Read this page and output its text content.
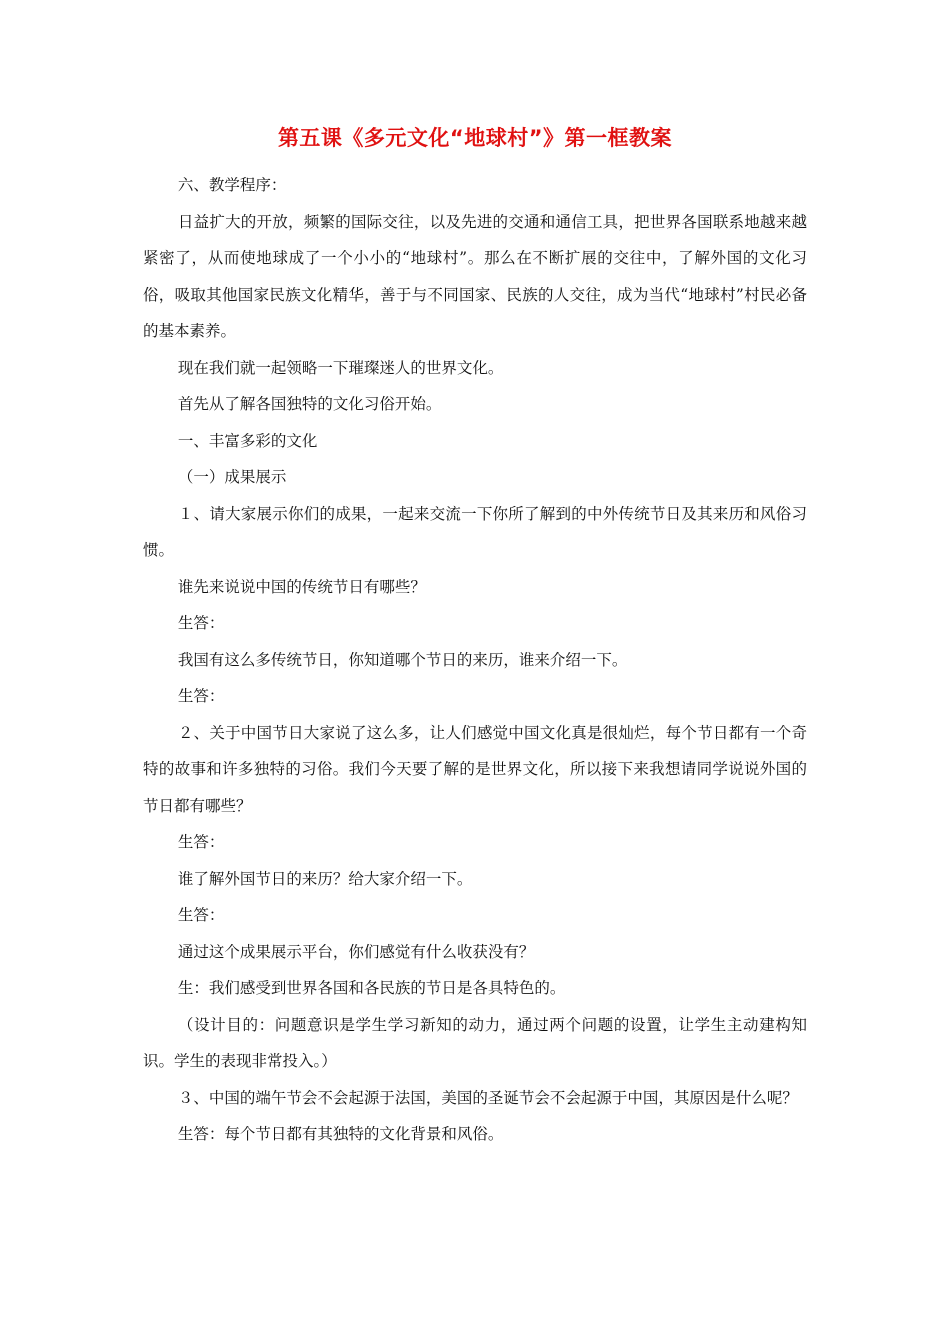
第五课《多元文化“地球村”》第一框教案

六、教学程序：

日益扩大的开放，频繁的国际交往，以及先进的交通和通信工具，把世界各国联系地越来越紧密了，从而使地球成了一个小小的“地球村”。那么在不断扩展的交往中，了解外国的文化习俗，吸取其他国家民族文化精华，善于与不同国家、民族的人交往，成为当代“地球村”村民必备的基本素养。

现在我们就一起领略一下璀璨迷人的世界文化。

首先从了解各国独特的文化习俗开始。

一、丰富多彩的文化

（一）成果展示

１、请大家展示你们的成果，一起来交流一下你所了解到的中外传统节日及其来历和风俗习惯。

谁先来说说中国的传统节日有哪些？

生答：

我国有这么多传统节日，你知道哪个节日的来历，谁来介绍一下。

生答：

２、关于中国节日大家说了这么多，让人们感觉中国文化真是很灿烂，每个节日都有一个奇特的故事和许多独特的习俗。我们今天要了解的是世界文化，所以接下来我想请同学说说外国的节日都有哪些？

生答：

谁了解外国节日的来历？给大家介绍一下。

生答：

通过这个成果展示平台，你们感觉有什么收获没有？

生：我们感受到世界各国和各民族的节日是各具特色的。

（设计目的：问题意识是学生学习新知的动力，通过两个问题的设置，让学生主动建构知识。学生的表现非常投入。）

３、中国的端午节会不会起源于法国，美国的圣诞节会不会起源于中国，其原因是什么呢？

生答：每个节日都有其独特的文化背景和风俗。
